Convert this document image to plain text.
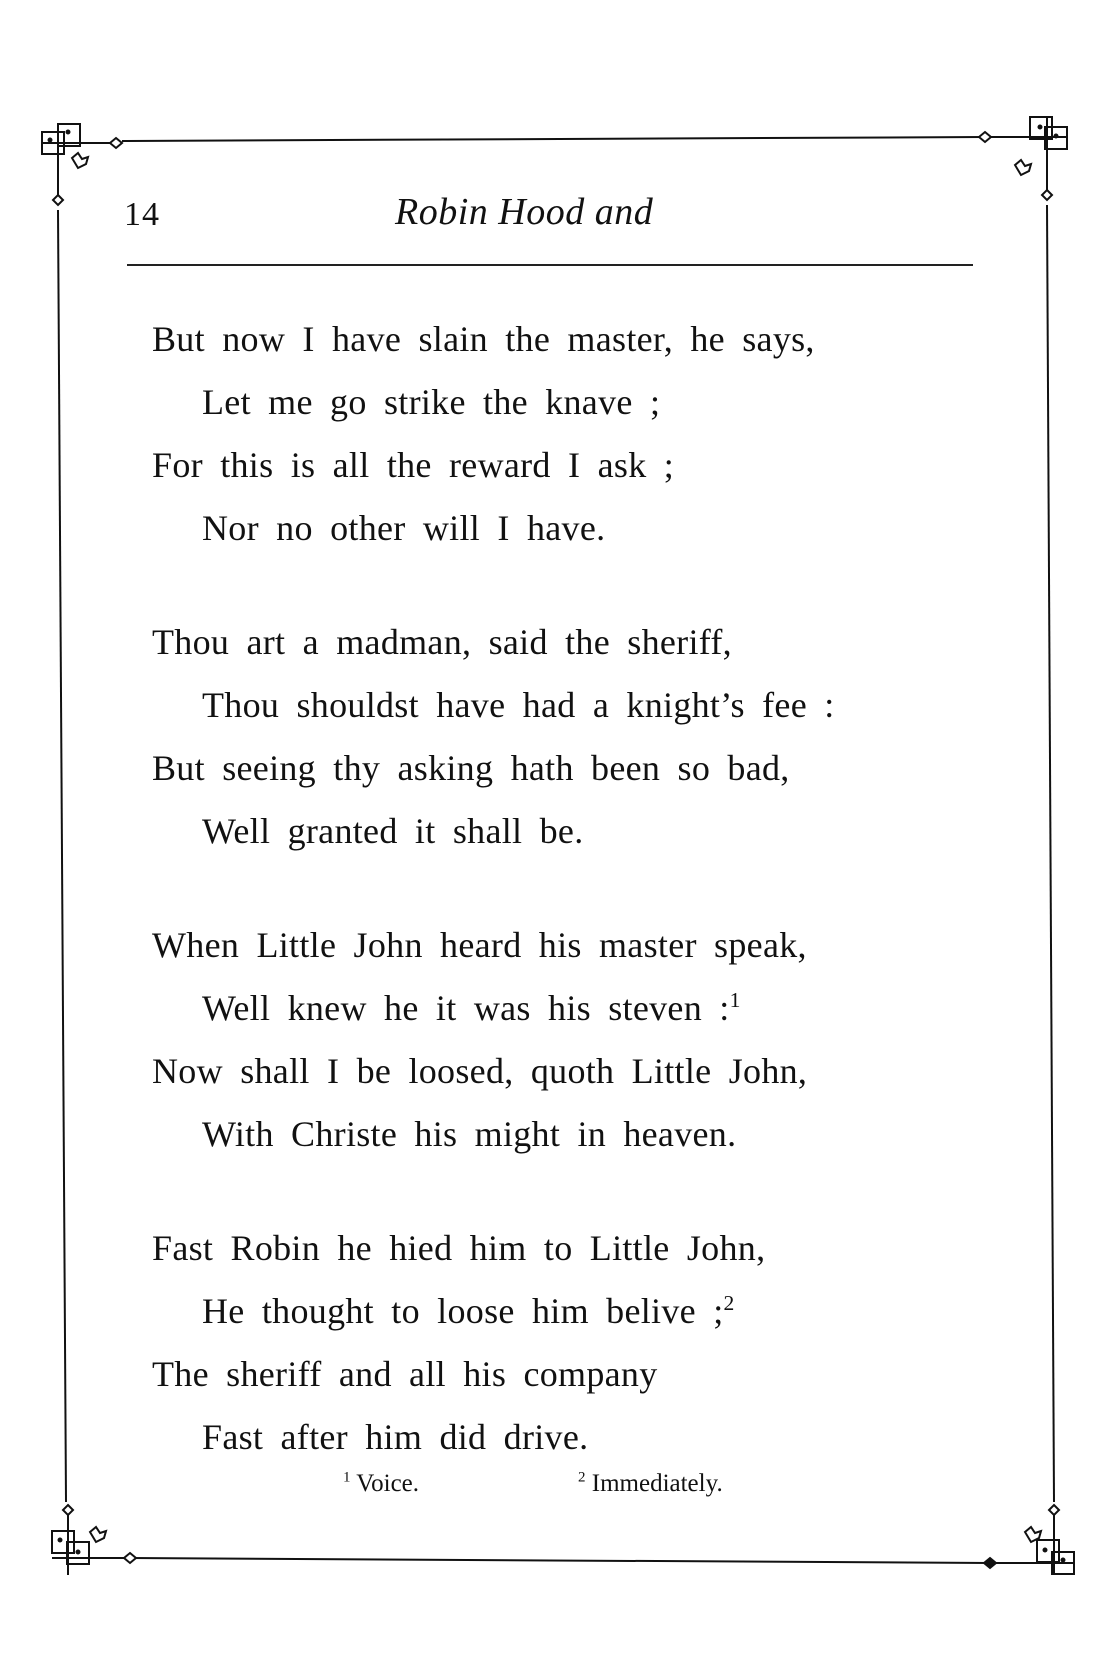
14	Robin Hood and
But now I have slain the master, he says,
Let me go strike the knave ;
For this is all the reward I ask ;
Nor no other will I have.
Thou art a madman, said the sheriff,
Thou shouldst have had a knight’s fee :
But seeing thy asking hath been so bad,
Well granted it shall be.
When Little John heard his master speak,
Well knew he it was his steven :$^1$
Now shall I be loosed, quoth Little John,
With Christe his might in heaven.
Fast Robin he hied him to Little John,
He thought to loose him belive ;$^2$
The sheriff and all his company
Fast after him did drive.
$^1$ Voice.	$^2$ Immediately.
